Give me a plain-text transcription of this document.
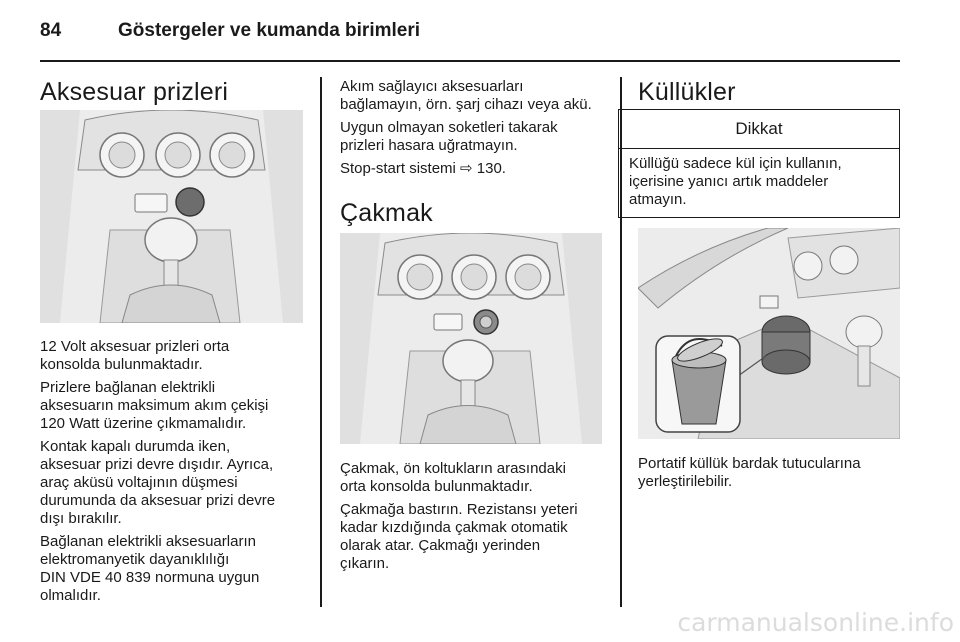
84	Göstergeler ve kumanda birimleri
Aksesuar prizleri

12 Volt aksesuar prizleri orta
konsolda bulunmaktadır.

Prizlere bağlanan elektrikli
aksesuarın maksimum akım çekişi
120 Watt üzerine çıkmamalıdır.

Kontak kapalı durumda iken,
aksesuar prizi devre dışıdır. Ayrıca,
araç aküsü voltajının düşmesi
durumunda da aksesuar prizi devre
dışı bırakılır.

Bağlanan elektrikli aksesuarların
elektromanyetik dayanıklılığı
DIN VDE 40 839 normuna uygun
olmalıdır.

Akım sağlayıcı aksesuarları
bağlamayın, örn. şarj cihazı veya akü.

Uygun olmayan soketleri takarak
prizleri hasara uğratmayın.

Stop-start sistemi ⇨ 130.

Çakmak

Çakmak, ön koltukların arasındaki
orta konsolda bulunmaktadır.

Çakmağa bastırın. Rezistansı yeteri
kadar kızdığında çakmak otomatik
olarak atar. Çakmağı yerinden
çıkarın.

Küllükler
Dikkat

Küllüğü sadece kül için kullanın,
içerisine yanıcı artık maddeler
atmayın.

Portatif küllük bardak tutucularına
yerleştirilebilir.

carmanualsonline.info
